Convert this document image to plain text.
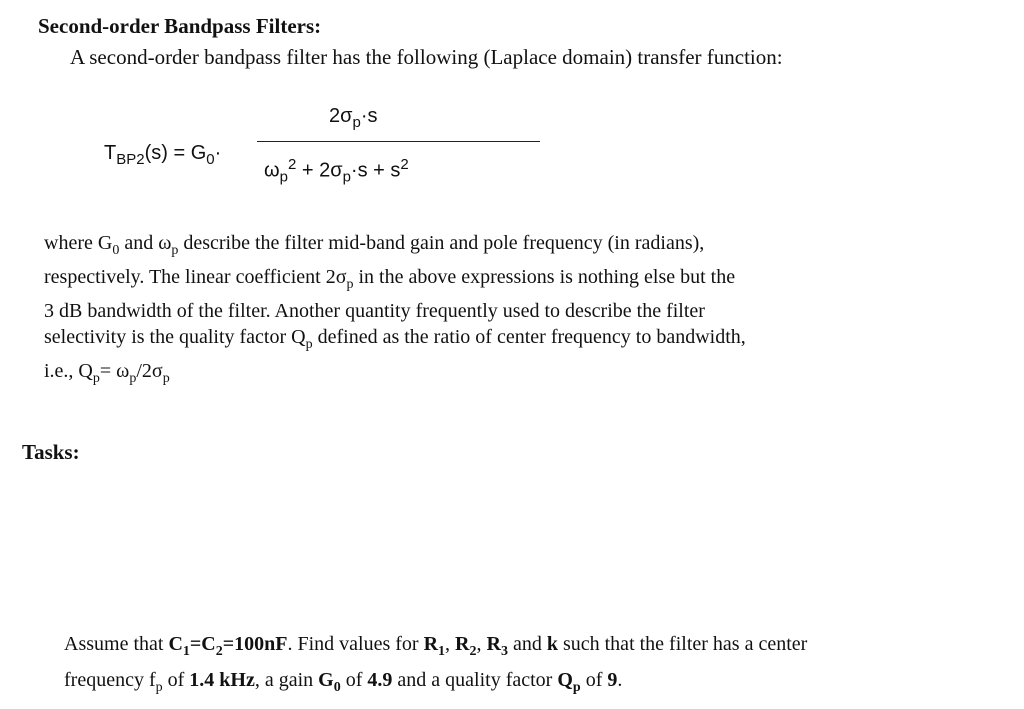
Second-order Bandpass Filters:
A second-order bandpass filter has the following (Laplace domain) transfer function:
$T_{BP2}(s) = G_0\cdot$
$2\sigma_p\cdot s$
$\omega_p^2 + 2\sigma_p\cdot s + s^2$
where $G_0$ and $\omega_p$ describe the filter mid-band gain and pole frequency (in radians),
respectively. The linear coefficient $2\sigma_p$ in the above expressions is nothing else but the
3 dB bandwidth of the filter. Another quantity frequently used to describe the filter
selectivity is the quality factor $Q_p$ defined as the ratio of center frequency to bandwidth,
i.e., $Q_p= \omega_p/2\sigma_p$
Tasks:
Assume that $C_1=C_2=100nF$. Find values for $R_1$, $R_2$, $R_3$ and k such that the filter has a center
frequency $f_p$ of 1.4 kHz, a gain $G_0$ of 4.9 and a quality factor $Q_p$ of 9.
